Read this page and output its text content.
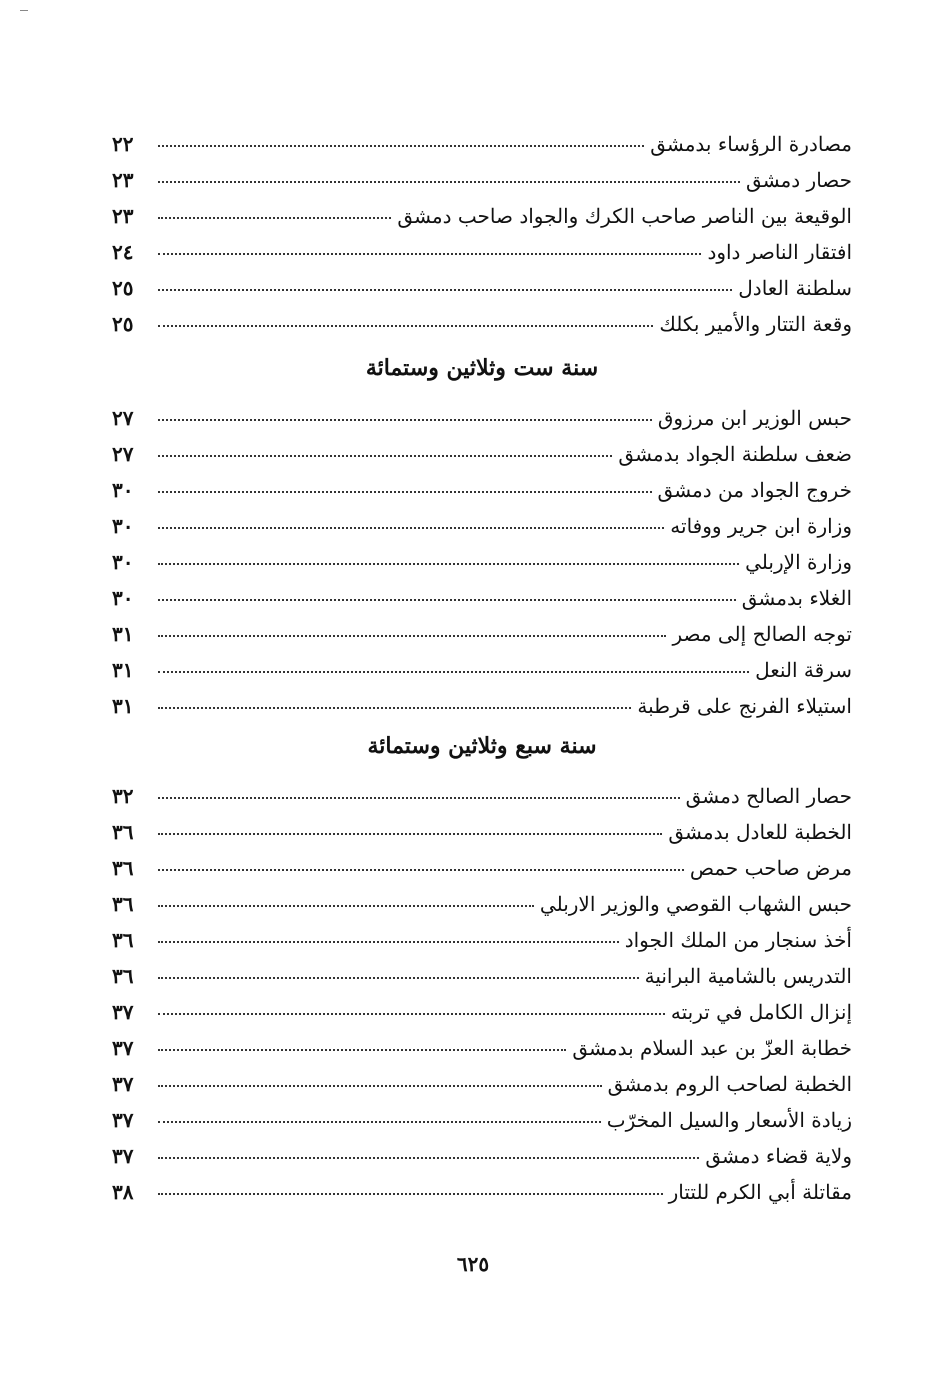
مصادرة الرؤساء بدمشق
٢٢
حصار دمشق
٢٣
الوقيعة بين الناصر صاحب الكرك والجواد صاحب دمشق
٢٣
افتقار الناصر داود
٢٤
سلطنة العادل
٢٥
وقعة التتار والأمير بكلك
٢٥
سنة ست وثلاثين وستمائة
حبس الوزير ابن مرزوق
٢٧
ضعف سلطنة الجواد بدمشق
٢٧
خروج الجواد من دمشق
٣٠
وزارة ابن جرير ووفاته
٣٠
وزارة الإربلي
٣٠
الغلاء بدمشق
٣٠
توجه الصالح إلى مصر
٣١
سرقة النعل
٣١
استيلاء الفرنج على قرطبة
٣١
سنة سبع وثلاثين وستمائة
حصار الصالح دمشق
٣٢
الخطبة للعادل بدمشق
٣٦
مرض صاحب حمص
٣٦
حبس الشهاب القوصي والوزير الاربلي
٣٦
أخذ سنجار من الملك الجواد
٣٦
التدريس بالشامية البرانية
٣٦
إنزال الكامل في تربته
٣٧
خطابة العزّ بن عبد السلام بدمشق
٣٧
الخطبة لصاحب الروم بدمشق
٣٧
زيادة الأسعار والسيل المخرّب
٣٧
ولاية قضاء دمشق
٣٧
مقاتلة أبي الكرم للتتار
٣٨
٦٢٥
